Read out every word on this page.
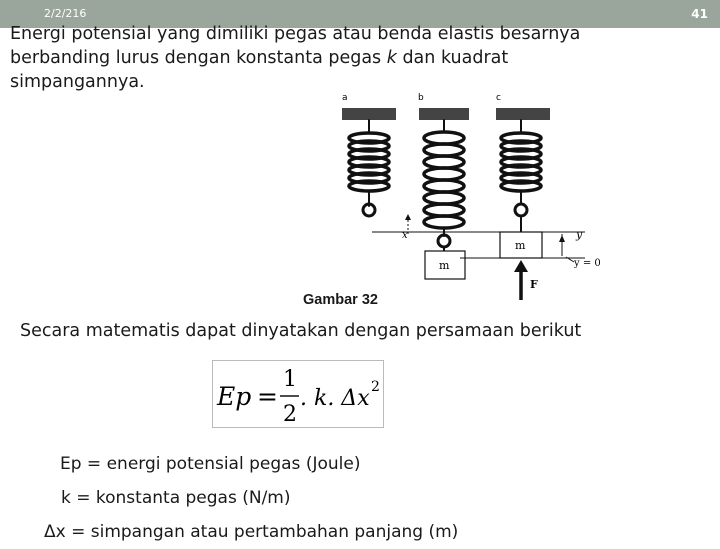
2/2/216	41

Energi potensial yang dimiliki pegas atau benda elastis besarnya berbanding lurus dengan konstanta pegas k dan kuadrat simpangannya.

a	b	c
m
m
x	y
y = 0
F
Gambar 32
Secara matematis dapat dinyatakan dengan persamaan berikut
Ep =
1
2
. k. Δx 2
Ep = energi potensial pegas (Joule)
k = konstanta pegas (N/m)
Δx = simpangan atau pertambahan panjang (m)
